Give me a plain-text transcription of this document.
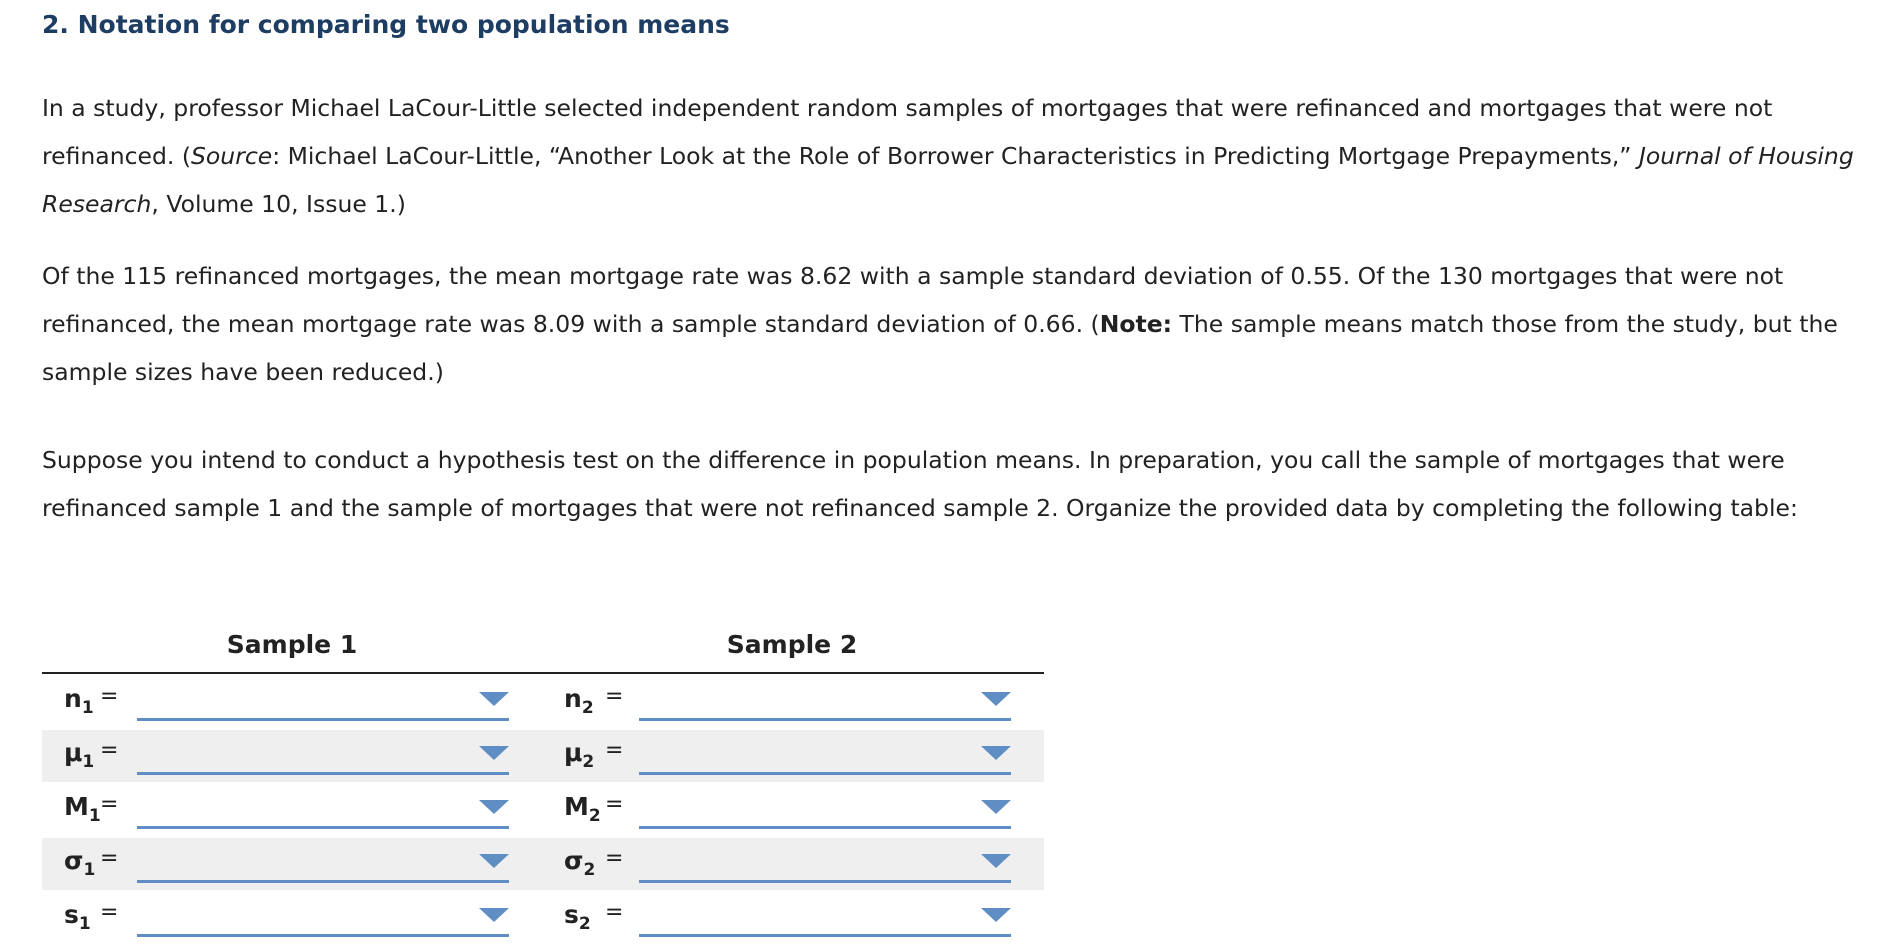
2. Notation for comparing two population means

In a study, professor Michael LaCour-Little selected independent random samples of mortgages that were refinanced and mortgages that were not refinanced. (Source: Michael LaCour-Little, “Another Look at the Role of Borrower Characteristics in Predicting Mortgage Prepayments,” Journal of Housing Research, Volume 10, Issue 1.)

Of the 115 refinanced mortgages, the mean mortgage rate was 8.62 with a sample standard deviation of 0.55. Of the 130 mortgages that were not refinanced, the mean mortgage rate was 8.09 with a sample standard deviation of 0.66. (Note: The sample means match those from the study, but the sample sizes have been reduced.)

Suppose you intend to conduct a hypothesis test on the difference in population means. In preparation, you call the sample of mortgages that were refinanced sample 1 and the sample of mortgages that were not refinanced sample 2. Organize the provided data by completing the following table:

Sample 1	Sample 2
$n_1$ =	$n_2$ =
$\mu_1$ =	$\mu_2$ =
$M_1$ =	$M_2$ =
$\sigma_1$ =	$\sigma_2$ =
$s_1$ =	$s_2$ =
